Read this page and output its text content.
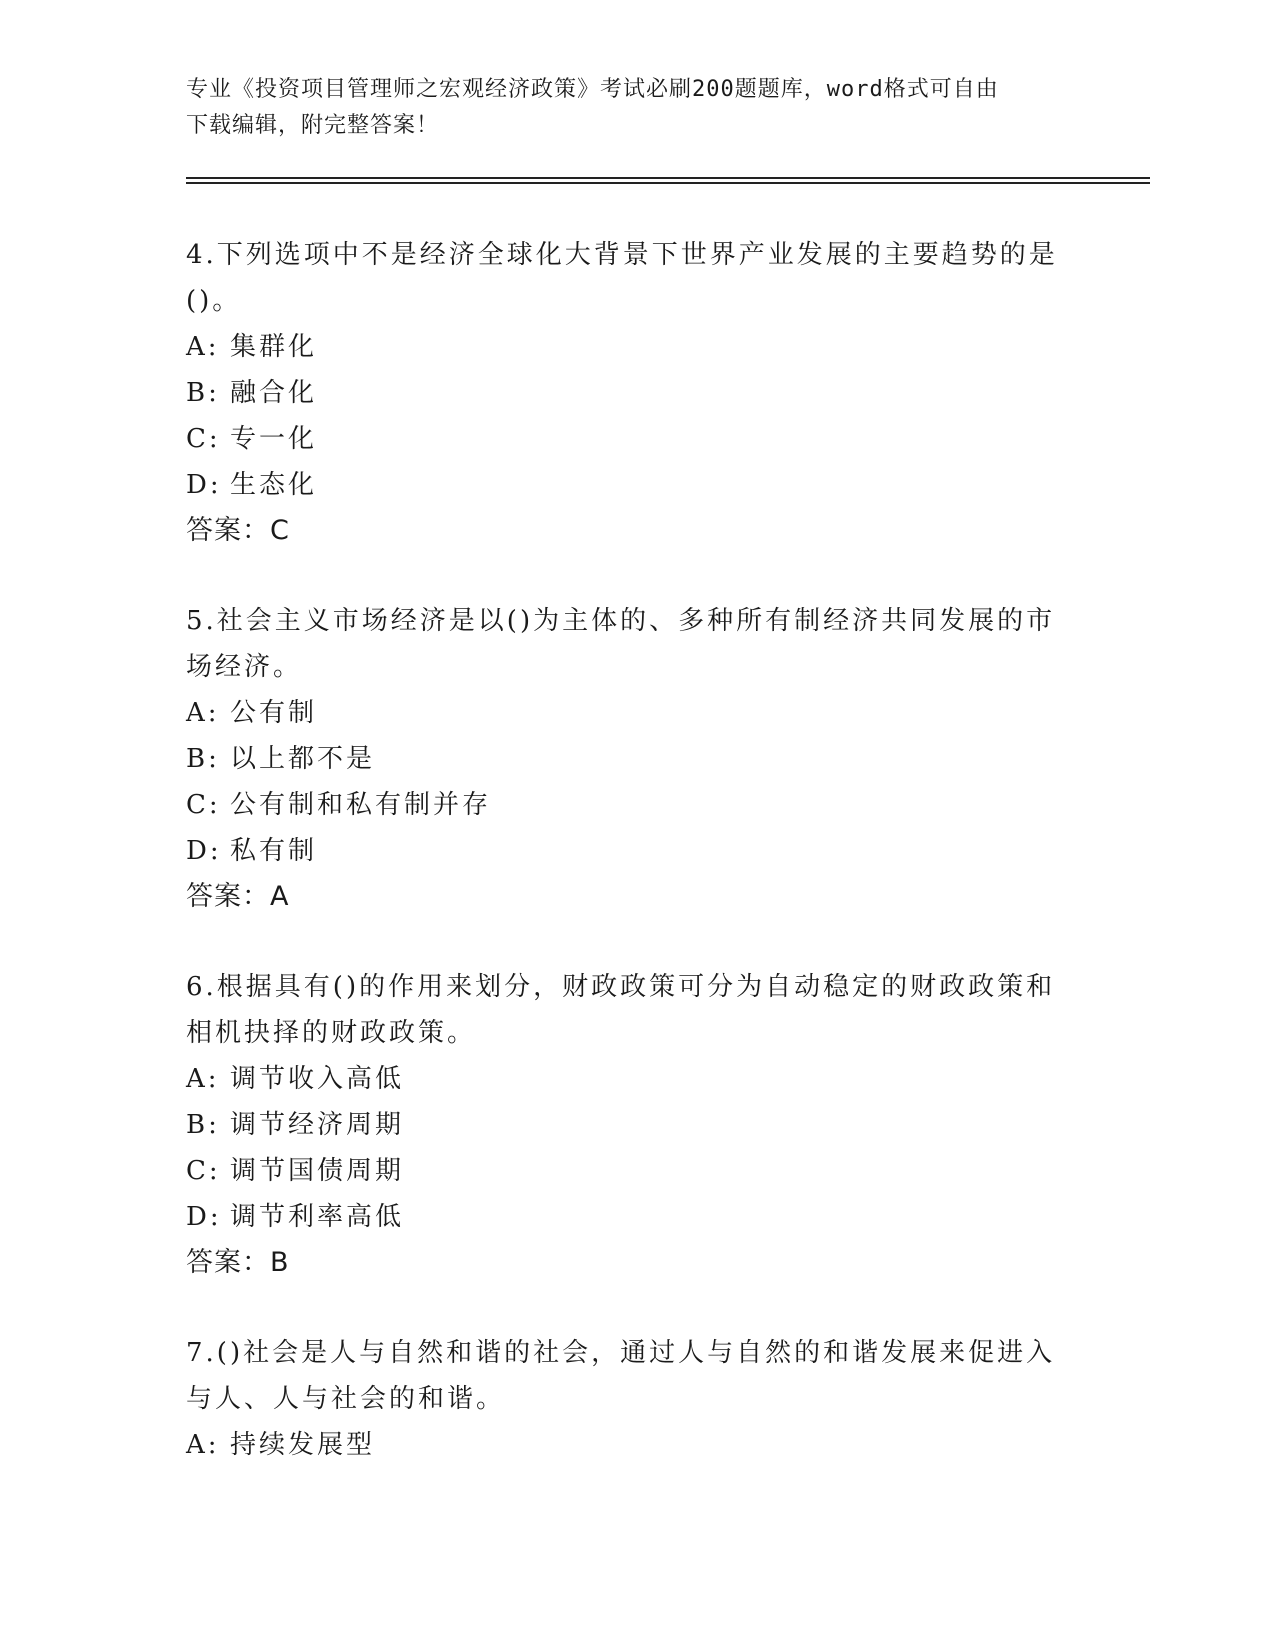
专业《投资项目管理师之宏观经济政策》考试必刷200题题库，word格式可自由
下载编辑，附完整答案！
4.下列选项中不是经济全球化大背景下世界产业发展的主要趋势的是
()。
A: 集群化
B: 融合化
C: 专一化
D: 生态化
答案：C
5.社会主义市场经济是以()为主体的、多种所有制经济共同发展的市
场经济。
A: 公有制
B: 以上都不是
C: 公有制和私有制并存
D: 私有制
答案：A
6.根据具有()的作用来划分，财政政策可分为自动稳定的财政政策和
相机抉择的财政政策。
A: 调节收入高低
B: 调节经济周期
C: 调节国债周期
D: 调节利率高低
答案：B
7.()社会是人与自然和谐的社会，通过人与自然的和谐发展来促进入
与人、人与社会的和谐。
A: 持续发展型
